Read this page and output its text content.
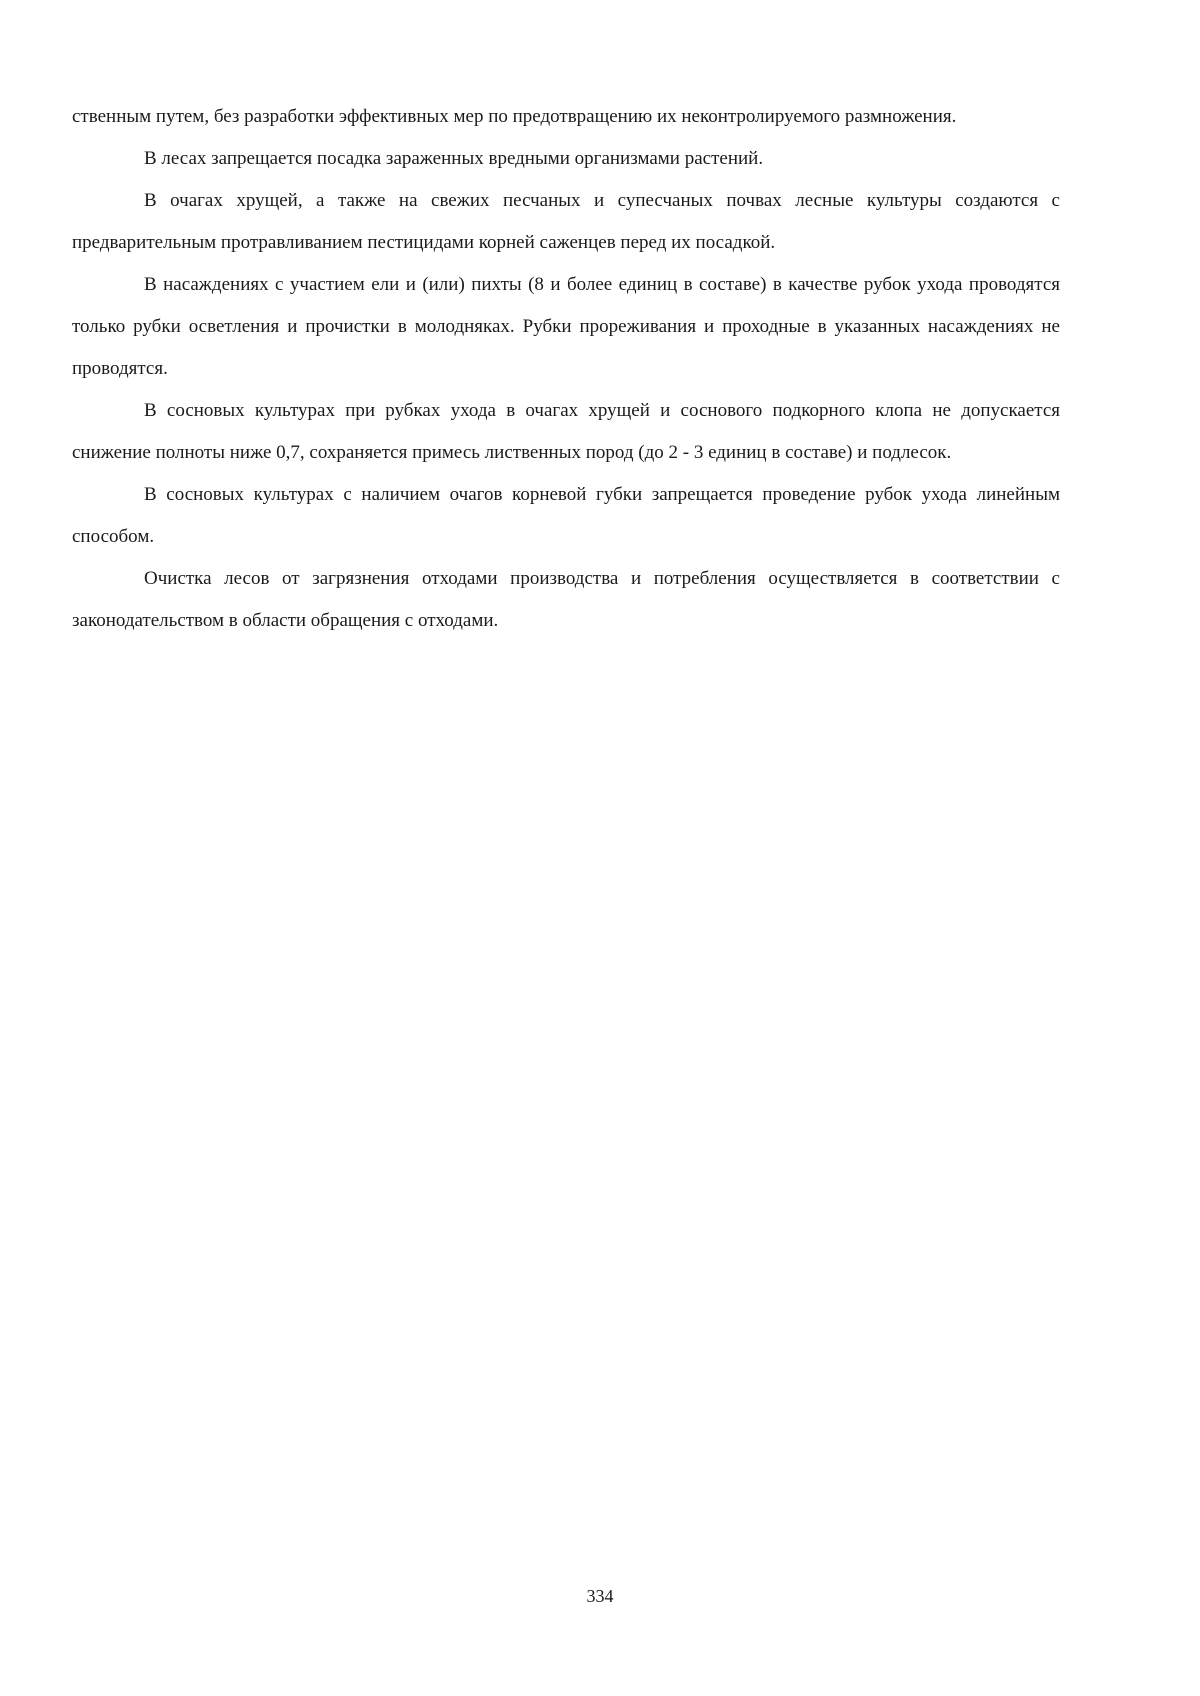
ственным путем, без разработки эффективных мер по предотвращению их неконтролируемого размножения.

В лесах запрещается посадка зараженных вредными организмами растений.

В очагах хрущей, а также на свежих песчаных и супесчаных почвах лесные культуры создаются с предварительным протравливанием пестицидами корней саженцев перед их посадкой.

В насаждениях с участием ели и (или) пихты (8 и более единиц в составе) в качестве рубок ухода проводятся только рубки осветления и прочистки в молодняках. Рубки прореживания и проходные в указанных насаждениях не проводятся.

В сосновых культурах при рубках ухода в очагах хрущей и соснового подкорного клопа не допускается снижение полноты ниже 0,7, сохраняется примесь лиственных пород (до 2 - 3 единиц в составе) и подлесок.

В сосновых культурах с наличием очагов корневой губки запрещается проведение рубок ухода линейным способом.

Очистка лесов от загрязнения отходами производства и потребления осуществляется в соответствии с законодательством в области обращения с отходами.

334
